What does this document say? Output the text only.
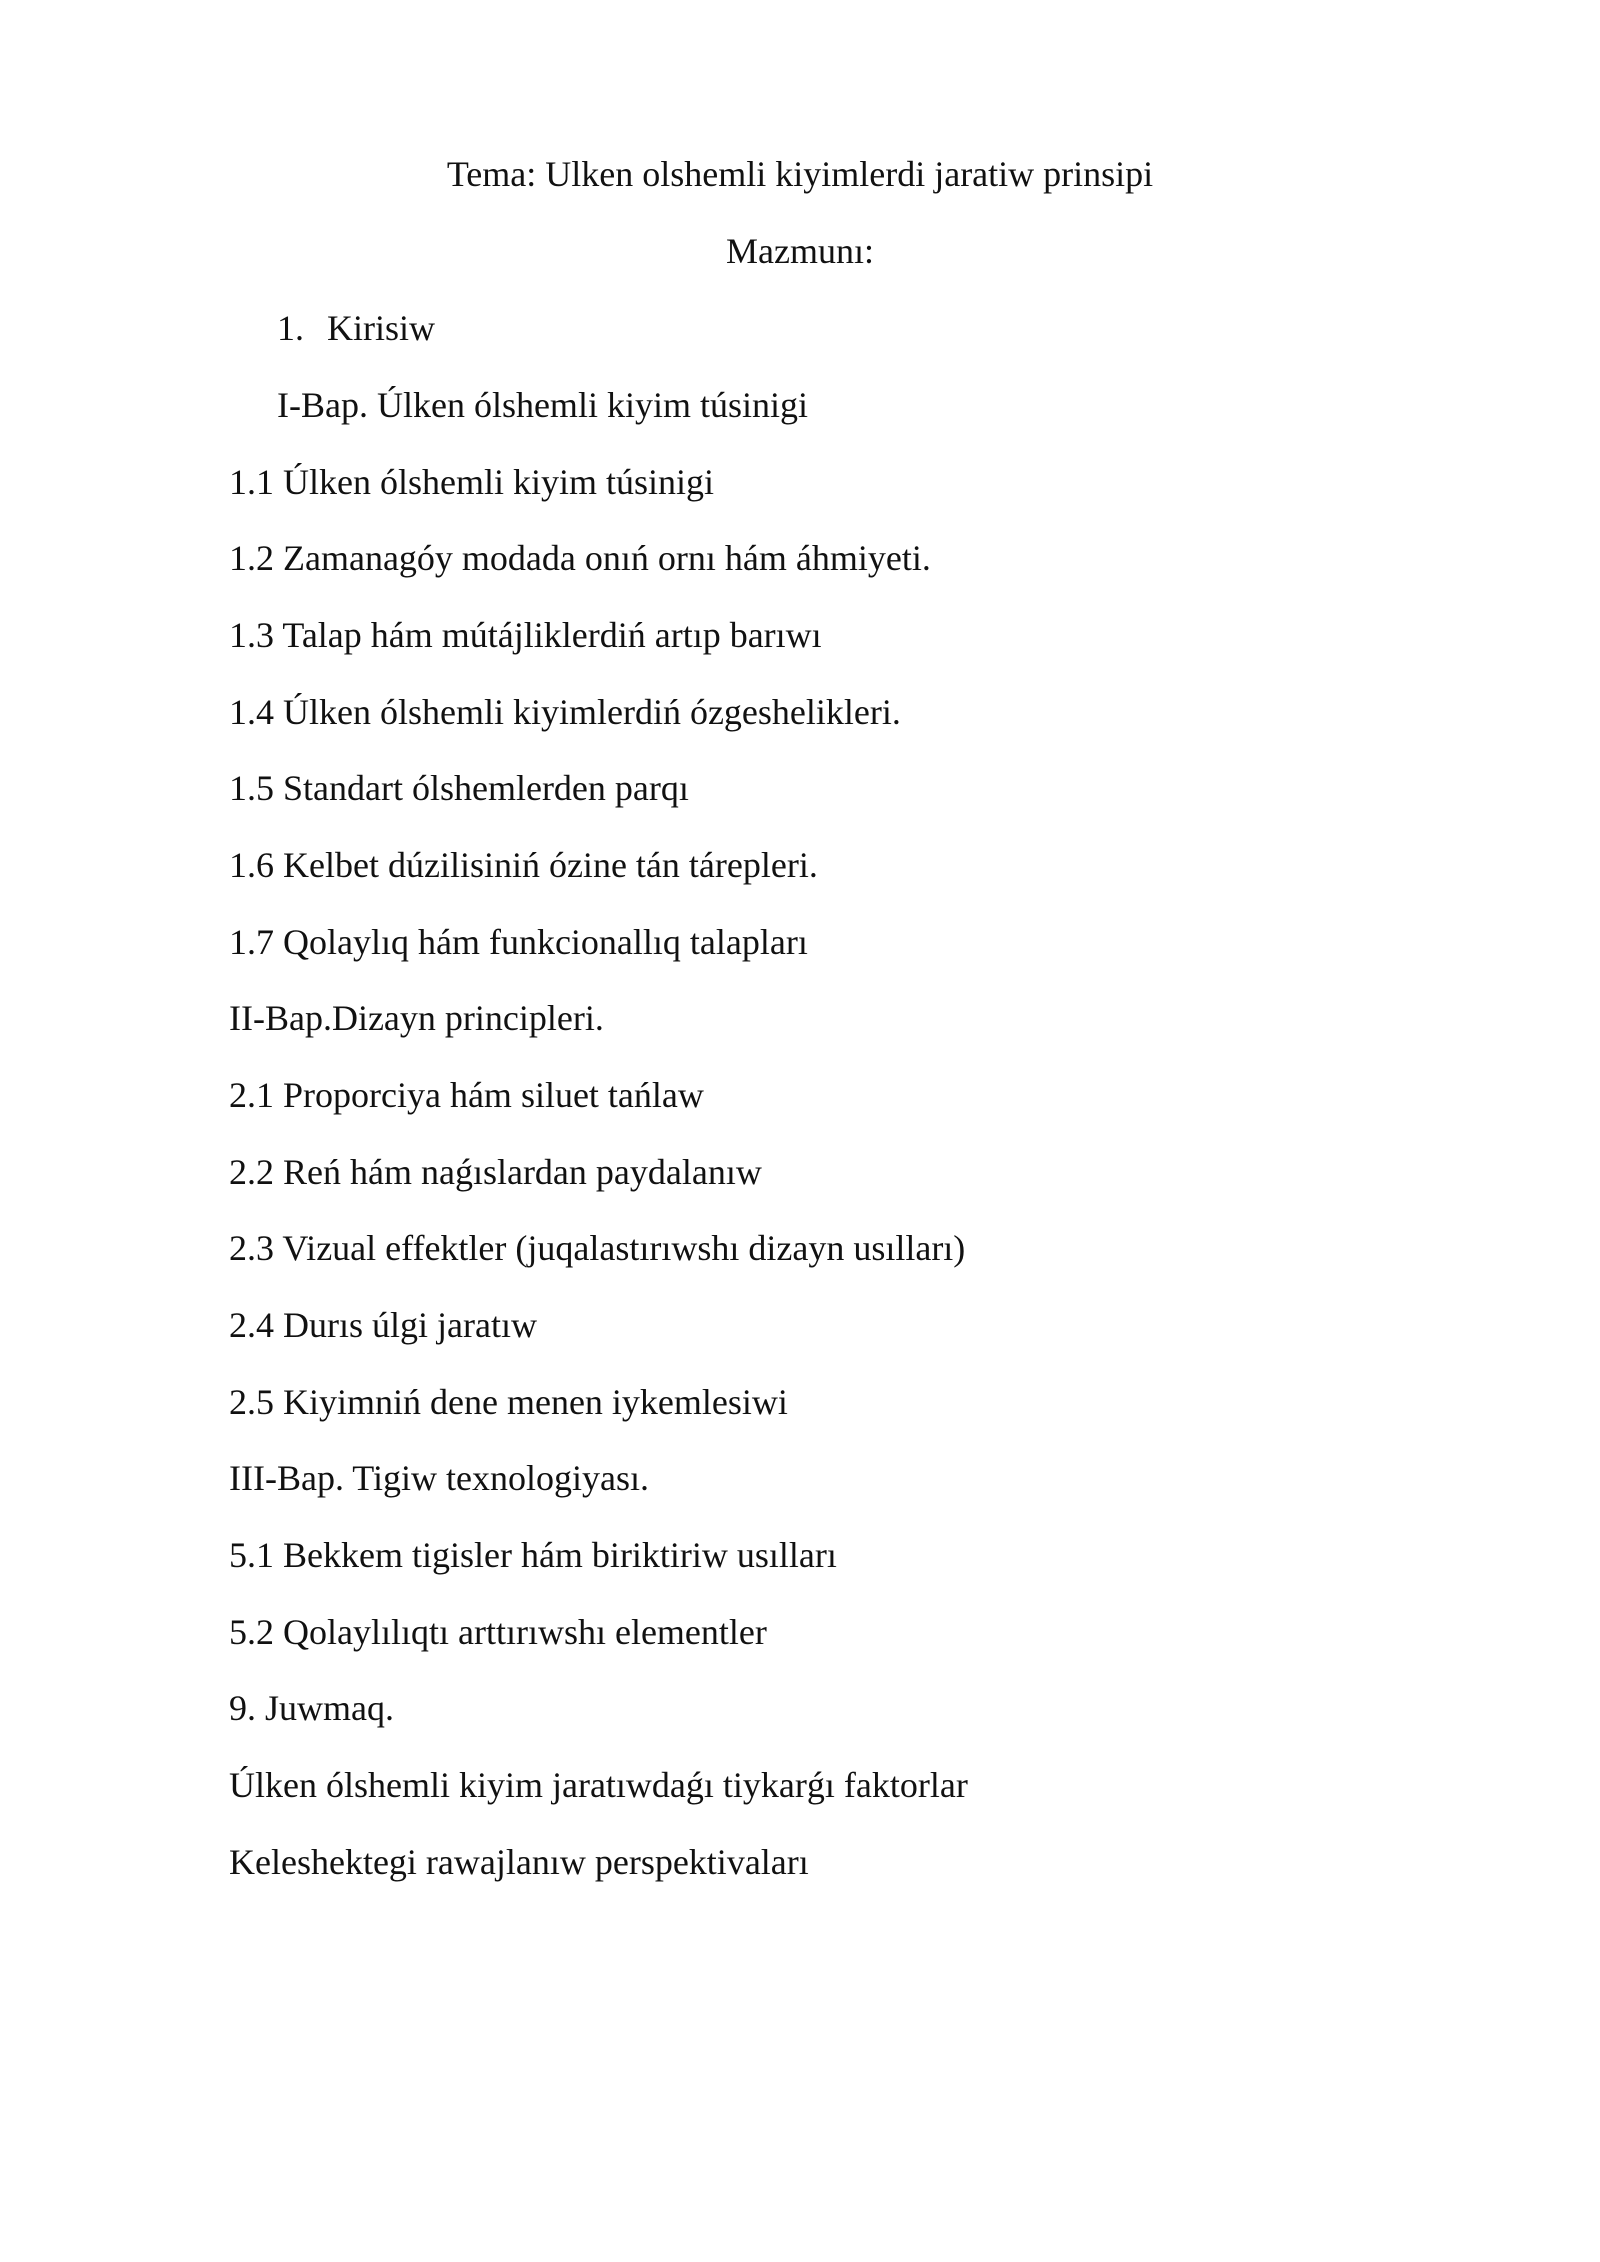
Tema: Ulken olshemli kiyimlerdi jaratiw prinsipi
Mazmunı:
1. Kirisiw
I-Bap. Úlken ólshemli kiyim túsinigi
1.1 Úlken ólshemli kiyim túsinigi
1.2 Zamanagóy modada onıń ornı hám áhmiyeti.
1.3 Talap hám mútájliklerdiń artıp barıwı
1.4 Úlken ólshemli kiyimlerdiń ózgeshelikleri.
1.5 Standart ólshemlerden parqı
1.6 Kelbet dúzilisiniń ózine tán tárepleri.
1.7 Qolaylıq hám funkcionallıq talapları
II-Bap.Dizayn principleri.
2.1 Proporciya hám siluet tańlaw
2.2 Reń hám naǵıslardan paydalanıw
2.3 Vizual effektler (juqalastırıwshı dizayn usılları)
2.4 Durıs úlgi jaratıw
2.5 Kiyimniń dene menen iykemlesiwi
III-Bap. Tigiw texnologiyası.
5.1 Bekkem tigisler hám biriktiriw usılları
5.2 Qolaylılıqtı arttırıwshı elementler
9. Juwmaq.
Úlken ólshemli kiyim jaratıwdaǵı tiykarǵı faktorlar
Keleshektegi rawajlanıw perspektivaları
